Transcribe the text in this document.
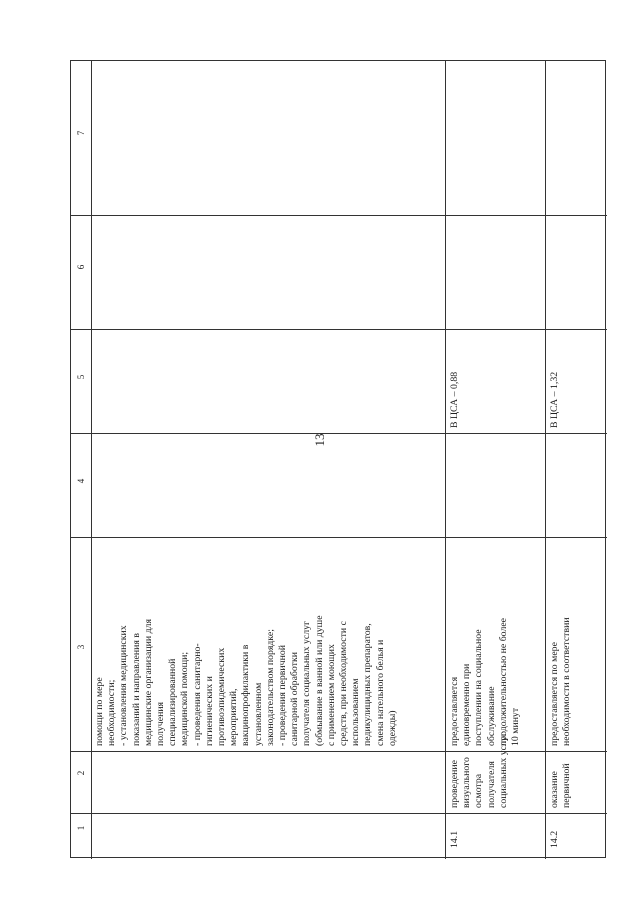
13
1
2
3
4
5
6
7
помощи по мере необходимости; - установления медицинских показаний и направления в медицинские организации для получения специализированной медицинской помощи; - проведения санитарно- гигиенических и противоэпидемических мероприятий, вакцинопрофилактики в установленном законодательством порядке; - проведения первичной санитарной обработки получателя социальных услуг (обмывание в ванной или душе с применением моющих средств, при необходимости с использованием педикулицидных препаратов, смена нательного белья и одежды)
14.1
проведение визуального осмотра получателя социальных услуг
предоставляется единовременно при поступлении на социальное обслуживание продолжительностью не более 10 минут
В ЦСА – 0,88
14.2
оказание первичной
предоставляется по мере необходимости в соответствии
В ЦСА – 1,32
